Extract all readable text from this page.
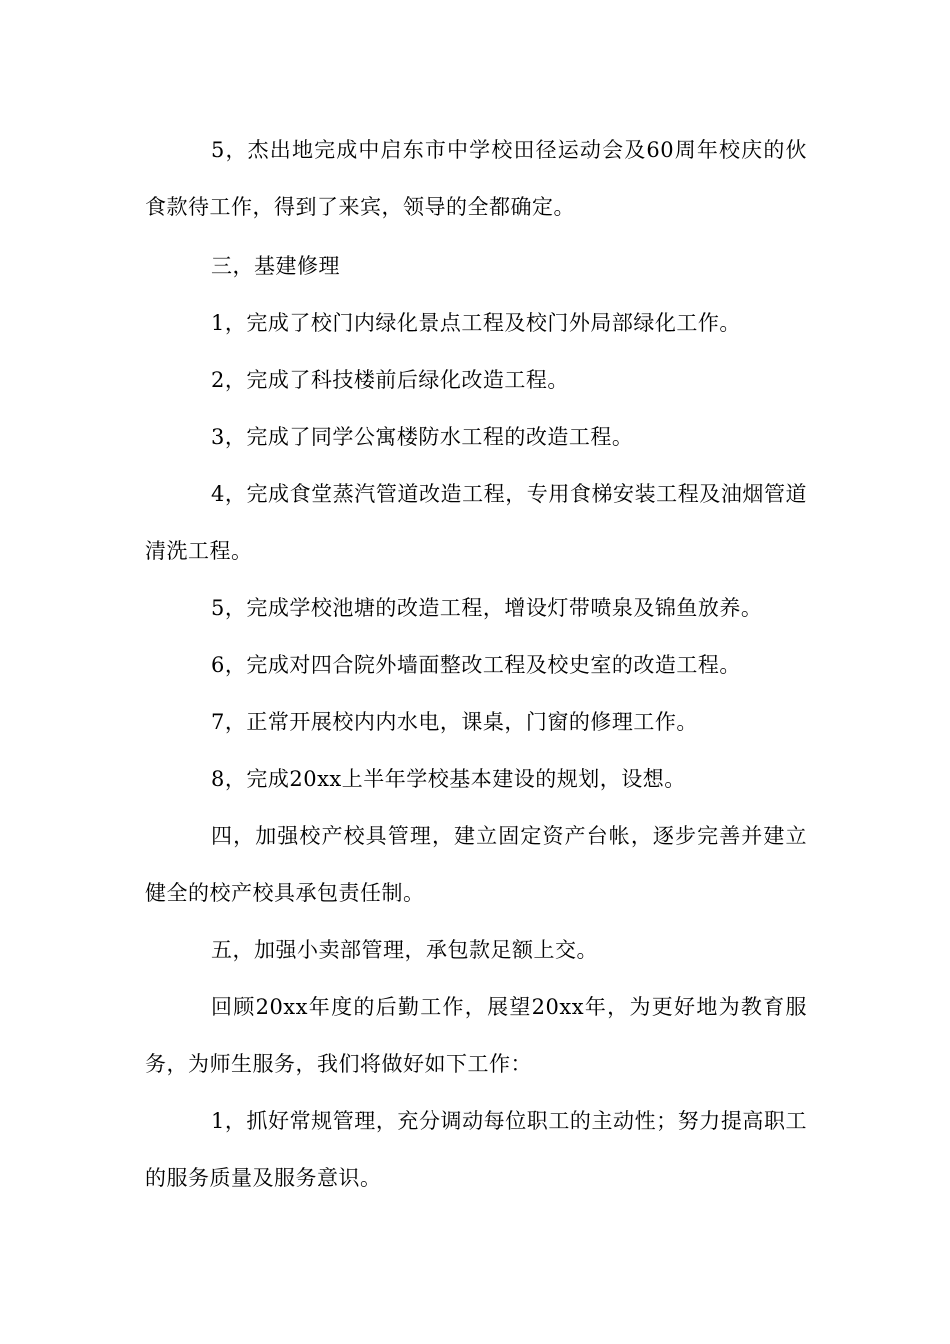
5，杰出地完成中启东市中学校田径运动会及60周年校庆的伙食款待工作，得到了来宾，领导的全都确定。

三，基建修理

1，完成了校门内绿化景点工程及校门外局部绿化工作。

2，完成了科技楼前后绿化改造工程。

3，完成了同学公寓楼防水工程的改造工程。

4，完成食堂蒸汽管道改造工程，专用食梯安装工程及油烟管道清洗工程。

5，完成学校池塘的改造工程，增设灯带喷泉及锦鱼放养。

6，完成对四合院外墙面整改工程及校史室的改造工程。

7，正常开展校内内水电，课桌，门窗的修理工作。

8，完成20xx上半年学校基本建设的规划，设想。

四，加强校产校具管理，建立固定资产台帐，逐步完善并建立健全的校产校具承包责任制。

五，加强小卖部管理，承包款足额上交。

回顾20xx年度的后勤工作，展望20xx年，为更好地为教育服务，为师生服务，我们将做好如下工作：

1，抓好常规管理，充分调动每位职工的主动性；努力提高职工的服务质量及服务意识。
